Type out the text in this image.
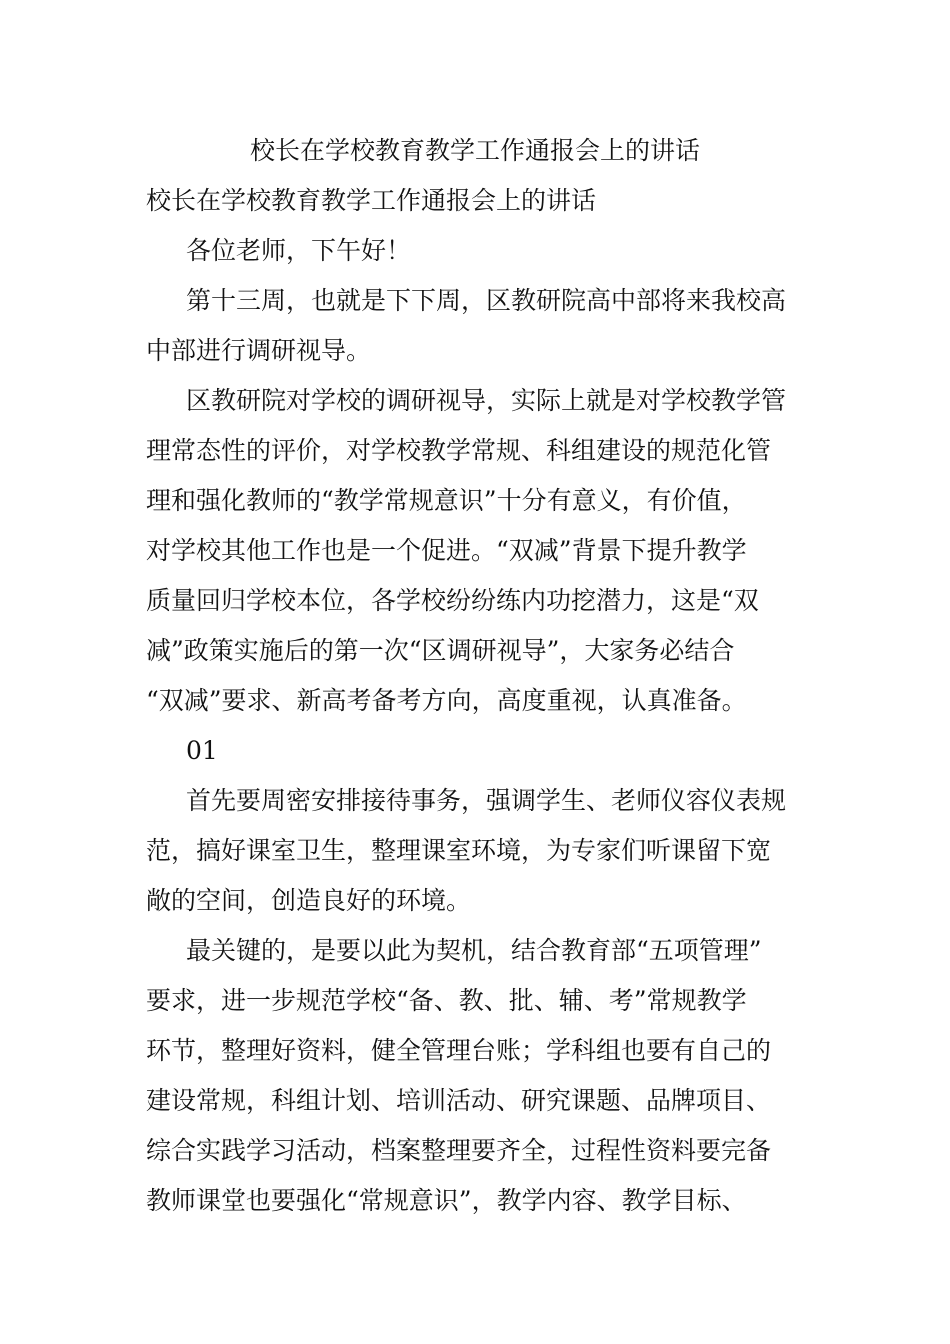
校长在学校教育教学工作通报会上的讲话
校长在学校教育教学工作通报会上的讲话
各位老师，下午好！
第十三周，也就是下下周，区教研院高中部将来我校高
中部进行调研视导。
区教研院对学校的调研视导，实际上就是对学校教学管
理常态性的评价，对学校教学常规、科组建设的规范化管
理和强化教师的“教学常规意识”十分有意义，有价值，
对学校其他工作也是一个促进。“双减”背景下提升教学
质量回归学校本位，各学校纷纷练内功挖潜力，这是“双
减”政策实施后的第一次“区调研视导”，大家务必结合
“双减”要求、新高考备考方向，高度重视，认真准备。
01
首先要周密安排接待事务，强调学生、老师仪容仪表规
范，搞好课室卫生，整理课室环境，为专家们听课留下宽
敞的空间，创造良好的环境。
最关键的，是要以此为契机，结合教育部“五项管理”
要求，进一步规范学校“备、教、批、辅、考”常规教学
环节，整理好资料，健全管理台账；学科组也要有自己的
建设常规，科组计划、培训活动、研究课题、品牌项目、
综合实践学习活动，档案整理要齐全，过程性资料要完备
教师课堂也要强化“常规意识”，教学内容、教学目标、
